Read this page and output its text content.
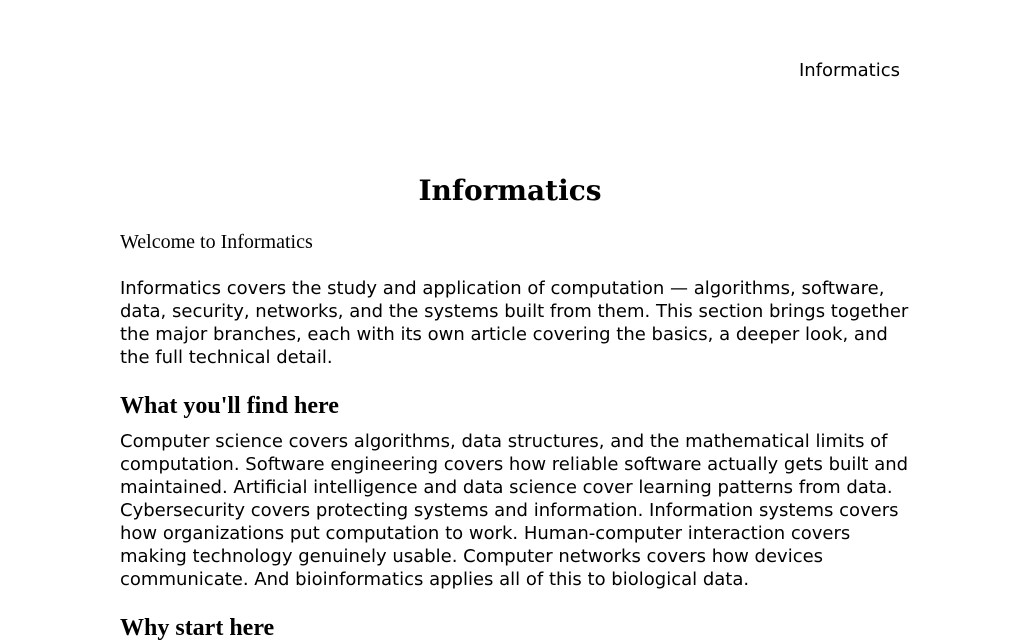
Informatics

Informatics

Welcome to Informatics

Informatics covers the study and application of computation — algorithms, software, data, security, networks, and the systems built from them. This section brings together the major branches, each with its own article covering the basics, a deeper look, and the full technical detail.

What you'll find here

Computer science covers algorithms, data structures, and the mathematical limits of computation. Software engineering covers how reliable software actually gets built and maintained. Artificial intelligence and data science cover learning patterns from data. Cybersecurity covers protecting systems and information. Information systems covers how organizations put computation to work. Human-computer interaction covers making technology genuinely usable. Computer networks covers how devices communicate. And bioinformatics applies all of this to biological data.

Why start here
